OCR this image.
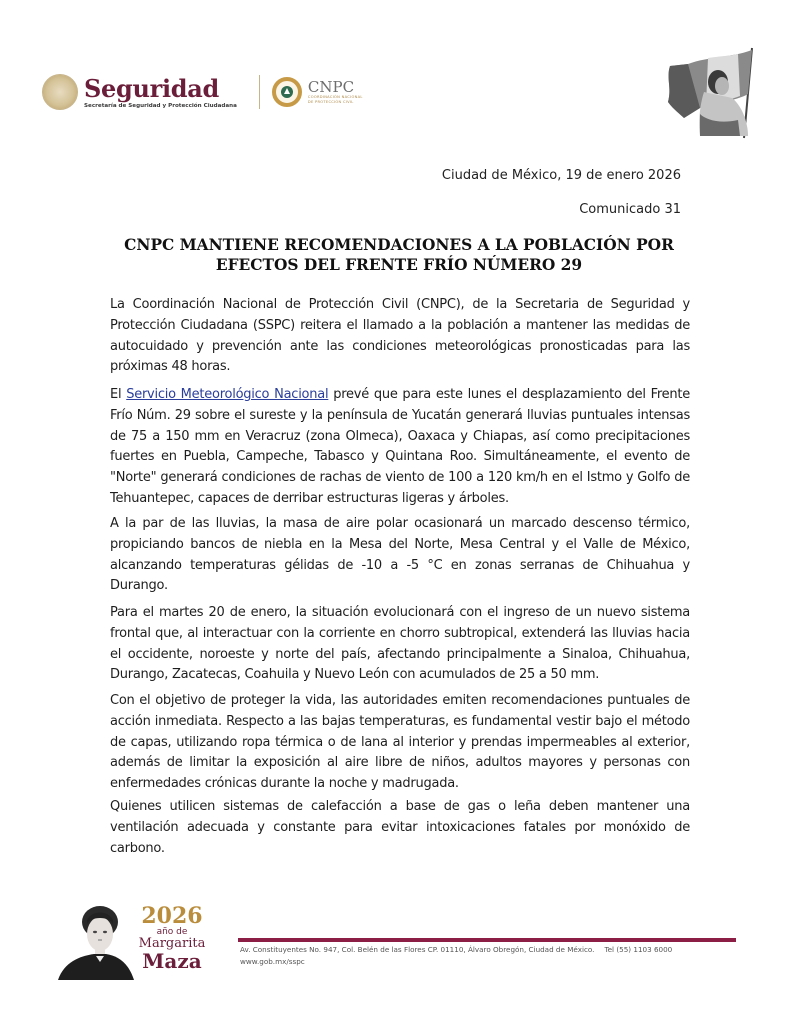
Seguridad
Secretaría de Seguridad y Protección Ciudadana
CNPC
COORDINACIÓN NACIONAL
DE PROTECCIÓN CIVIL
Ciudad de México, 19 de enero 2026
Comunicado 31
CNPC MANTIENE RECOMENDACIONES A LA POBLACIÓN POR
EFECTOS DEL FRENTE FRÍO NÚMERO 29

La Coordinación Nacional de Protección Civil (CNPC), de la Secretaria de Seguridad y Protección Ciudadana (SSPC) reitera el llamado a la población a mantener las medidas de autocuidado y prevención ante las condiciones meteorológicas pronosticadas para las próximas 48 horas.

El Servicio Meteorológico Nacional prevé que para este lunes el desplazamiento del Frente Frío Núm. 29 sobre el sureste y la península de Yucatán generará lluvias puntuales intensas de 75 a 150 mm en Veracruz (zona Olmeca), Oaxaca y Chiapas, así como precipitaciones fuertes en Puebla, Campeche, Tabasco y Quintana Roo. Simultáneamente, el evento de "Norte" generará condiciones de rachas de viento de 100 a 120 km/h en el Istmo y Golfo de Tehuantepec, capaces de derribar estructuras ligeras y árboles.

A la par de las lluvias, la masa de aire polar ocasionará un marcado descenso térmico, propiciando bancos de niebla en la Mesa del Norte, Mesa Central y el Valle de México, alcanzando temperaturas gélidas de -10 a -5 °C en zonas serranas de Chihuahua y Durango.

Para el martes 20 de enero, la situación evolucionará con el ingreso de un nuevo sistema frontal que, al interactuar con la corriente en chorro subtropical, extenderá las lluvias hacia el occidente, noroeste y norte del país, afectando principalmente a Sinaloa, Chihuahua, Durango, Zacatecas, Coahuila y Nuevo León con acumulados de 25 a 50 mm.

Con el objetivo de proteger la vida, las autoridades emiten recomendaciones puntuales de acción inmediata. Respecto a las bajas temperaturas, es fundamental vestir bajo el método de capas, utilizando ropa térmica o de lana al interior y prendas impermeables al exterior, además de limitar la exposición al aire libre de niños, adultos mayores y personas con enfermedades crónicas durante la noche y madrugada.

Quienes utilicen sistemas de calefacción a base de gas o leña deben mantener una ventilación adecuada y constante para evitar intoxicaciones fatales por monóxido de carbono.

2026
año de
Margarita
Maza	Av. Constituyentes No. 947, Col. Belén de las Flores CP. 01110, Álvaro Obregón, Ciudad de México. Tel (55) 1103 6000
www.gob.mx/sspc
